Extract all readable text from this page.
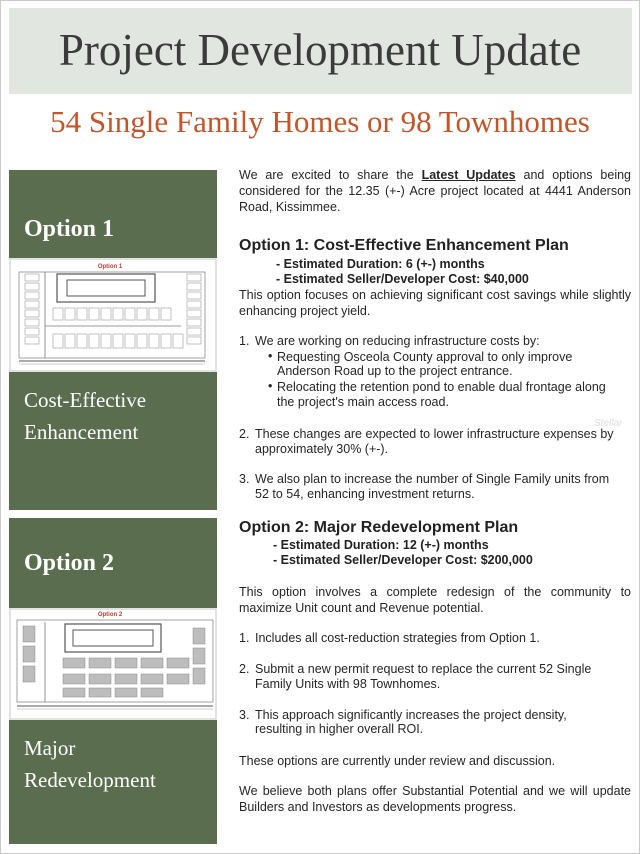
Project Development Update
54 Single Family Homes or 98 Townhomes
Option 1
Option 1
Cost-Effective
Enhancement
Option 2
Option 2
Major
Redevelopment
We are excited to share the Latest Updates and options being considered for the 12.35 (+-) Acre project located at 4441 Anderson Road, Kissimmee.
Option 1: Cost-Effective Enhancement Plan
- Estimated Duration: 6 (+-) months
- Estimated Seller/Developer Cost: $40,000
This option focuses on achieving significant cost savings while slightly enhancing project yield.
1. We are working on reducing infrastructure costs by:
• Requesting Osceola County approval to only improve
Anderson Road up to the project entrance.
• Relocating the retention pond to enable dual frontage along
the project's main access road.
2. These changes are expected to lower infrastructure expenses by
approximately 30% (+-).
3. We also plan to increase the number of Single Family units from
52 to 54, enhancing investment returns.
Option 2: Major Redevelopment Plan
- Estimated Duration: 12 (+-) months
- Estimated Seller/Developer Cost: $200,000
This option involves a complete redesign of the community to maximize Unit count and Revenue potential.
1. Includes all cost-reduction strategies from Option 1.
2. Submit a new permit request to replace the current 52 Single
Family Units with 98 Townhomes.
3. This approach significantly increases the project density,
resulting in higher overall ROI.
These options are currently under review and discussion.
We believe both plans offer Substantial Potential and we will update Builders and Investors as developments progress.
Stellar
